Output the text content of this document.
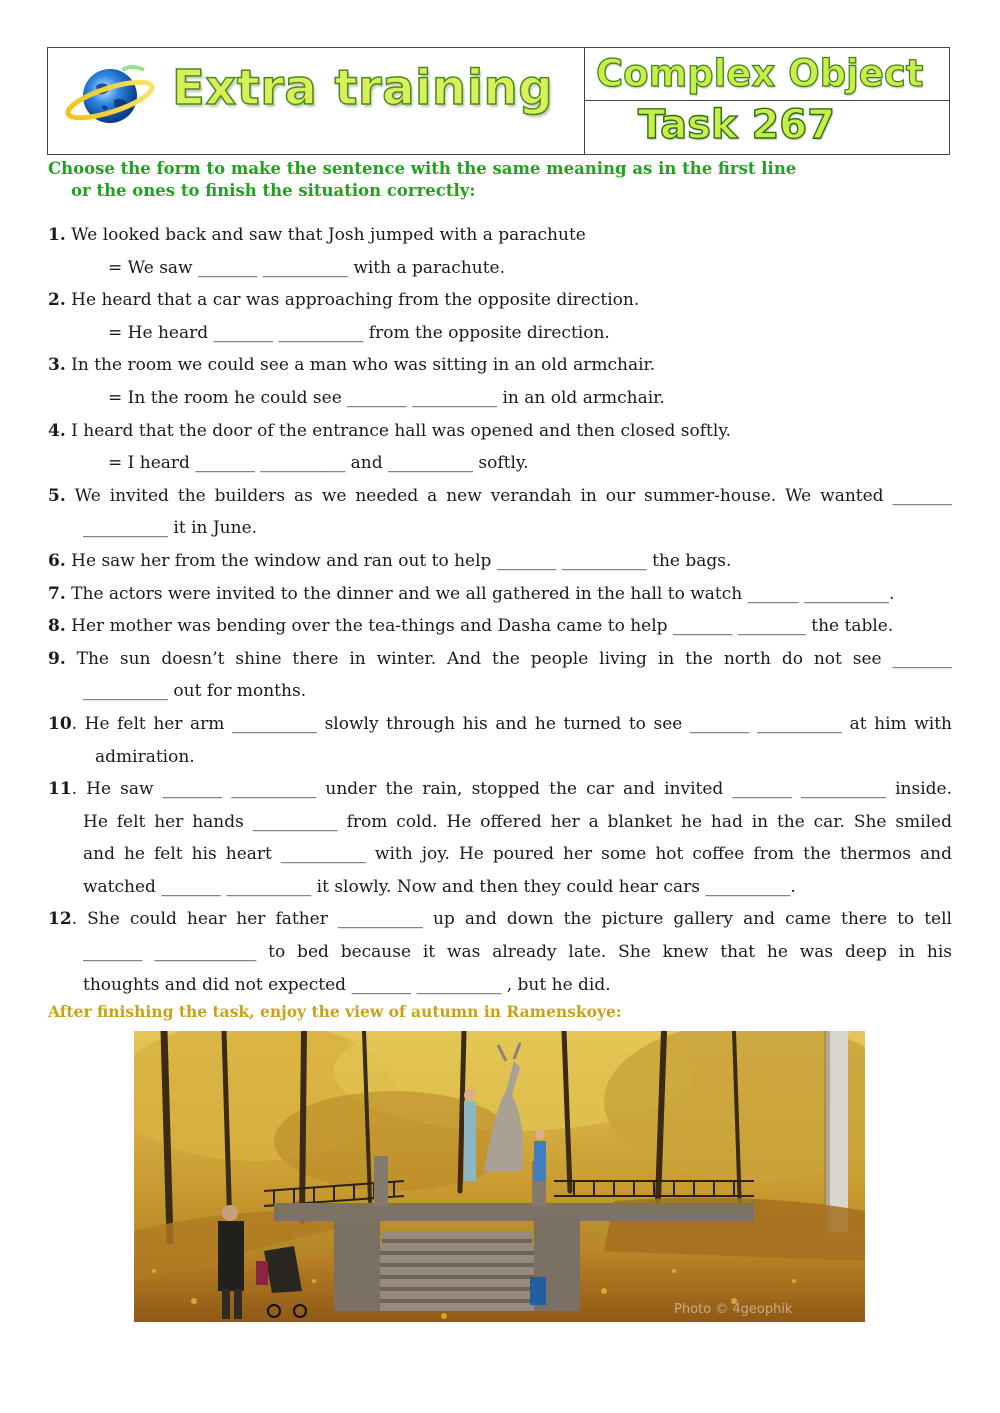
Extra training Complex Object
Task 267
Choose the form to make the sentence with the same meaning as in the first line
or the ones to finish the situation correctly:
1. We looked back and saw that Josh jumped with a parachute
= We saw _______ __________ with a parachute.
2. He heard that a car was approaching from the opposite direction.
= He heard _______ __________ from the opposite direction.
3. In the room we could see a man who was sitting in an old armchair.
= In the room he could see _______ __________ in an old armchair.
4. I heard that the door of the entrance hall was opened and then closed softly.
= I heard _______ __________ and __________ softly.
5. We invited the builders as we needed a new verandah in our summer-house. We wanted _______
__________ it in June.
6. He saw her from the window and ran out to help _______ __________ the bags.
7. The actors were invited to the dinner and we all gathered in the hall to watch ______ __________.
8. Her mother was bending over the tea-things and Dasha came to help _______ ________ the table.
9. The sun doesn’t shine there in winter. And the people living in the north do not see _______
__________ out for months.
10. He felt her arm __________ slowly through his and he turned to see _______ __________ at him with
admiration.
11. He saw _______ __________ under the rain, stopped the car and invited _______ __________ inside.
He felt her hands __________ from cold. He offered her a blanket he had in the car. She smiled
and he felt his heart __________ with joy. He poured her some hot coffee from the thermos and
watched _______ __________ it slowly. Now and then they could hear cars __________.
12. She could hear her father __________ up and down the picture gallery and came there to tell
_______ ____________ to bed because it was already late. She knew that he was deep in his
thoughts and did not expected _______ __________ , but he did.
After finishing the task, enjoy the view of autumn in Ramenskoye:
Photo © 4geophik
